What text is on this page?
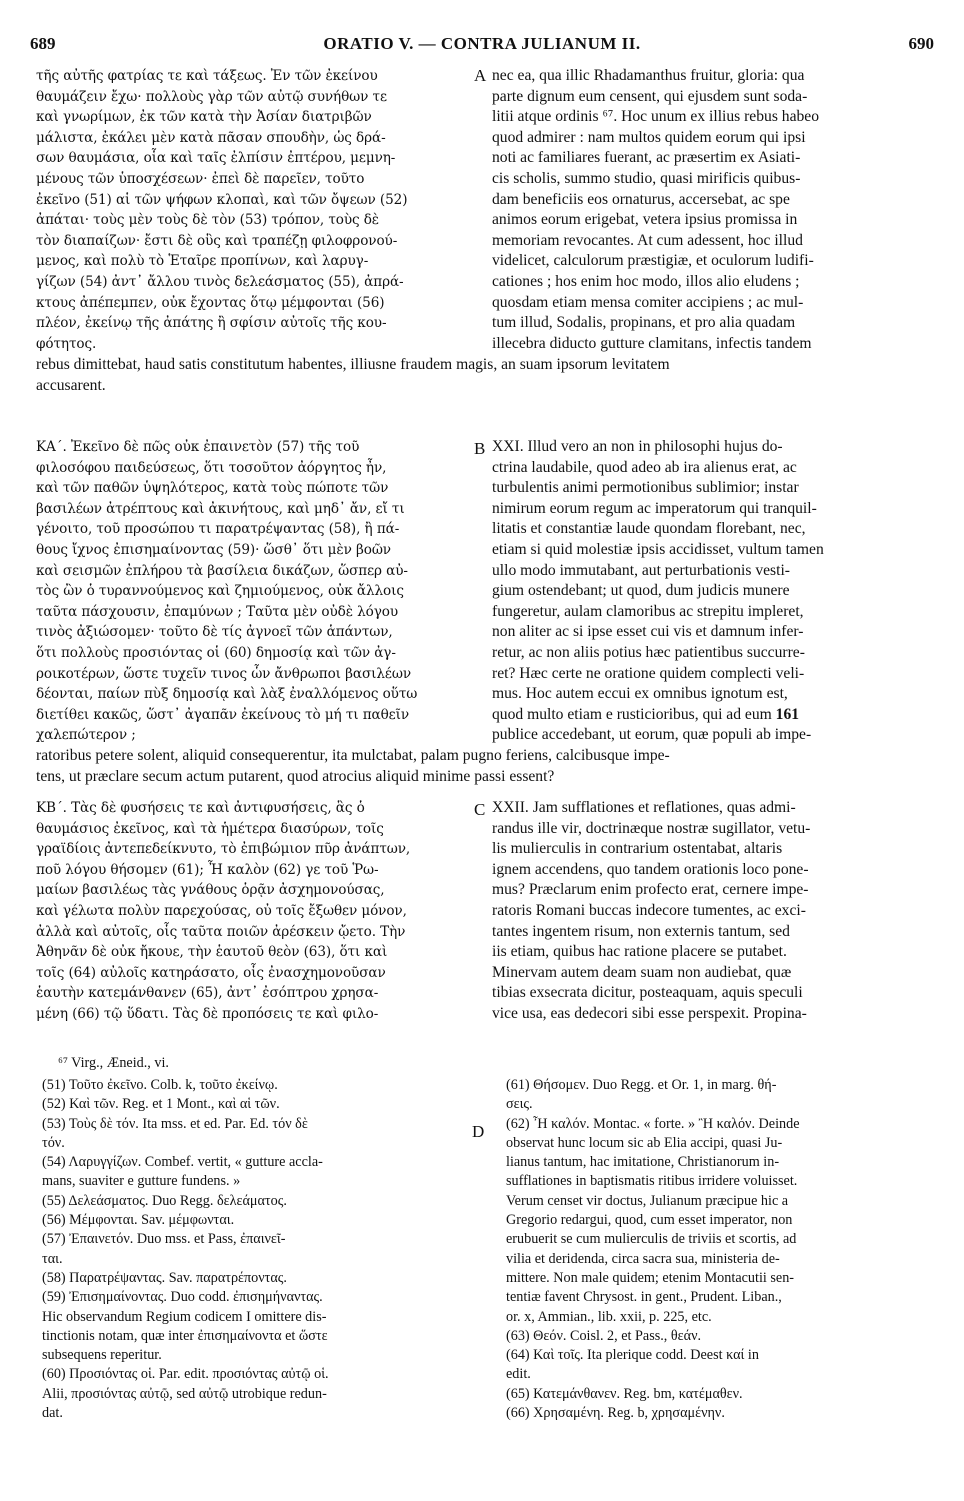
689	ORATIO V. — CONTRA JULIANUM II.	690
τῆς αὐτῆς φατρίας τε καὶ τάξεως. Ἐν τῶν ἐκείνου
θαυμάζειν ἔχω· πολλοὺς γὰρ τῶν αὐτῷ συνήθων τε
καὶ γνωρίμων, ἐκ τῶν κατὰ τὴν Ἀσίαν διατριβῶν
μάλιστα, ἐκάλει μὲν κατὰ πᾶσαν σπουδὴν, ὡς δρά-
σων θαυμάσια, οἷα καὶ ταῖς ἐλπίσιν ἐπτέρου, μεμνη-
μένους τῶν ὑποσχέσεων· ἐπεὶ δὲ παρεῖεν, τοῦτο
ἐκεῖνο (51) αἱ τῶν ψήφων κλοπαὶ, καὶ τῶν ὄψεων (52)
ἀπάται· τοὺς μὲν τοὺς δὲ τὸν (53) τρόπον, τοὺς δὲ
τὸν διαπαίζων· ἔστι δὲ οὓς καὶ τραπέζῃ φιλοφρονού-
μενος, καὶ πολὺ τὸ Ἑταῖρε προπίνων, καὶ λαρυγ-
γίζων (54) ἀντ᾽ ἄλλου τινὸς δελεάσματος (55), ἀπρά-
κτους ἀπέπεμπεν, οὐκ ἔχοντας ὅτῳ μέμφονται (56)
πλέον, ἐκείνῳ τῆς ἀπάτης ἢ σφίσιν αὐτοῖς τῆς κου-
φότητος.
nec ea, qua illic Rhadamanthus fruitur, gloria: qua
parte dignum eum censent, qui ejusdem sunt soda-
litii atque ordinis ⁶⁷. Hoc unum ex illius rebus habeo
quod admirer : nam multos quidem eorum qui ipsi
noti ac familiares fuerant, ac præsertim ex Asiati-
cis scholis, summo studio, quasi mirificis quibus-
dam beneficiis eos ornaturus, accersebat, ac spe
animos eorum erigebat, vetera ipsius promissa in
memoriam revocantes. At cum adessent, hoc illud
videlicet, calculorum præstigiæ, et oculorum ludifi-
cationes ; hos enim hoc modo, illos alio eludens ;
quosdam etiam mensa comiter accipiens ; ac mul-
tum illud, Sodalis, propinans, et pro alia quadam
illecebra diducto gutture clamitans, infectis tandem
A
rebus dimittebat, haud satis constitutum habentes, illiusne fraudem magis, an suam ipsorum levitatem
accusarent.
ΚΑ΄. Ἐκεῖνο δὲ πῶς οὐκ ἐπαινετὸν (57) τῆς τοῦ
φιλοσόφου παιδεύσεως, ὅτι τοσοῦτον ἀόργητος ἦν,
καὶ τῶν παθῶν ὑψηλότερος, κατὰ τοὺς πώποτε τῶν
βασιλέων ἀτρέπτους καὶ ἀκινήτους, καὶ μηδ᾽ ἄν, εἴ τι
γένοιτο, τοῦ προσώπου τι παρατρέψαντας (58), ἢ πά-
θους ἴχνος ἐπισημαίνοντας (59)· ὥσθ᾽ ὅτι μὲν βοῶν
καὶ σεισμῶν ἐπλήρου τὰ βασίλεια δικάζων, ὥσπερ αὐ-
τὸς ὢν ὁ τυραννούμενος καὶ ζημιούμενος, οὐκ ἄλλοις
ταῦτα πάσχουσιν, ἐπαμύνων ; Ταῦτα μὲν οὐδὲ λόγου
τινὸς ἀξιώσομεν· τοῦτο δὲ τίς ἀγνοεῖ τῶν ἁπάντων,
ὅτι πολλοὺς προσιόντας οἱ (60) δημοσίᾳ καὶ τῶν ἀγ-
ροικοτέρων, ὥστε τυχεῖν τινος ὧν ἄνθρωποι βασιλέων
δέονται, παίων πὺξ δημοσίᾳ καὶ λὰξ ἐναλλόμενος οὕτω
διετίθει κακῶς, ὥστ᾽ ἀγαπᾶν ἐκείνους τὸ μή τι παθεῖν
χαλεπώτερον ;
XXI. Illud vero an non in philosophi hujus do-
ctrina laudabile, quod adeo ab ira alienus erat, ac
turbulentis animi permotionibus sublimior; instar
nimirum eorum regum ac imperatorum qui tranquil-
litatis et constantiæ laude quondam florebant, nec,
etiam si quid molestiæ ipsis accidisset, vultum tamen
ullo modo immutabant, aut perturbationis vesti-
gium ostendebant; ut quod, dum judicis munere
fungeretur, aulam clamoribus ac strepitu impleret,
non aliter ac si ipse esset cui vis et damnum infer-
retur, ac non aliis potius hæc patientibus succurre-
ret? Hæc certe ne oratione quidem complecti veli-
mus. Hoc autem eccui ex omnibus ignotum est,
quod multo etiam e rusticioribus, qui ad eum 161
publice accedebant, ut eorum, quæ populi ab impe-
B
ratoribus petere solent, aliquid consequerentur, ita mulctabat, palam pugno feriens, calcibusque impe-
tens, ut præclare secum actum putarent, quod atrocius aliquid minime passi essent?
ΚΒ΄. Τὰς δὲ φυσήσεις τε καὶ ἀντιφυσήσεις, ἃς ὁ
θαυμάσιος ἐκεῖνος, καὶ τὰ ἡμέτερα διασύρων, τοῖς
γραϊδίοις ἀντεπεδείκνυτο, τὸ ἐπιβώμιον πῦρ ἀνάπτων,
ποῦ λόγου θήσομεν (61); Ἦ καλὸν (62) γε τοῦ Ῥω-
μαίων βασιλέως τὰς γνάθους ὁρᾷν ἀσχημονούσας,
καὶ γέλωτα πολὺν παρεχούσας, οὐ τοῖς ἔξωθεν μόνον,
ἀλλὰ καὶ αὐτοῖς, οἷς ταῦτα ποιῶν ἀρέσκειν ᾤετο. Τὴν
Ἀθηνᾶν δὲ οὐκ ἤκουε, τὴν ἑαυτοῦ θεὸν (63), ὅτι καὶ
τοῖς (64) αὐλοῖς κατηράσατο, οἷς ἐνασχημονοῦσαν
ἑαυτὴν κατεμάνθανεν (65), ἀντ᾽ ἐσόπτρου χρησα-
μένη (66) τῷ ὕδατι. Τὰς δὲ προπόσεις τε καὶ φιλο-
XXII. Jam sufflationes et reflationes, quas admi-
randus ille vir, doctrinæque nostræ sugillator, vetu-
lis mulierculis in contrarium ostentabat, altaris
ignem accendens, quo tandem orationis loco pone-
mus? Præclarum enim profecto erat, cernere impe-
ratoris Romani buccas indecore tumentes, ac exci-
tantes ingentem risum, non externis tantum, sed
iis etiam, quibus hac ratione placere se putabet.
Minervam autem deam suam non audiebat, quæ
tibias exsecrata dicitur, posteaquam, aquis speculi
vice usa, eas dedecori sibi esse perspexit. Propina-
C
⁶⁷ Virg., Æneid., vi.
(51) Τοῦτο ἐκεῖνο. Colb. k, τοῦτο ἐκείνῳ.
(52) Καὶ τῶν. Reg. et 1 Mont., καὶ αἱ τῶν.
(53) Τοὺς δὲ τόν. Ita mss. et ed. Par. Ed. τόν δὲ
τόν.
(54) Λαρυγγίζων. Combef. vertit, « gutture accla-
mans, suaviter e gutture fundens. »
(55) Δελεάσματος. Duo Regg. δελεάματος.
(56) Μέμφονται. Sav. μέμφωνται.
(57) Ἐπαινετόν. Duo mss. et Pass, ἐπαινεῖ-
ται.
(58) Παρατρέψαντας. Sav. παρατρέποντας.
(59) Ἐπισημαίνοντας. Duo codd. ἐπισημήναντας.
Hic observandum Regium codicem I omittere dis-
tinctionis notam, quæ inter ἐπισημαίνοντα et ὥστε
subsequens reperitur.
(60) Προσιόντας οἱ. Par. edit. προσιόντας αὐτῷ οἱ.
Alii, προσιόντας αὐτῷ, sed αὐτῷ utrobique redun-
dat.
(61) Θήσομεν. Duo Regg. et Or. 1, in marg. θή-
σεις.
(62) Ἦ καλόν. Montac. « forte. » Ἢ καλόν. Deinde
observat hunc locum sic ab Elia accipi, quasi Ju-
lianus tantum, hac imitatione, Christianorum in-
sufflationes in baptismatis ritibus irridere voluisset.
Verum censet vir doctus, Julianum præcipue hic a
Gregorio redargui, quod, cum esset imperator, non
erubuerit se cum mulierculis de triviis et scortis, ad
vilia et deridenda, circa sacra sua, ministeria de-
mittere. Non male quidem; etenim Montacutii sen-
tentiæ favent Chrysost. in gent., Prudent. Liban.,
or. x, Ammian., lib. xxii, p. 225, etc.
(63) Θεόν. Coisl. 2, et Pass., θεάν.
(64) Καὶ τοῖς. Ita plerique codd. Deest καί in
edit.
(65) Κατεμάνθανεν. Reg. bm, κατέμαθεν.
(66) Χρησαμένη. Reg. b, χρησαμένην.
D
